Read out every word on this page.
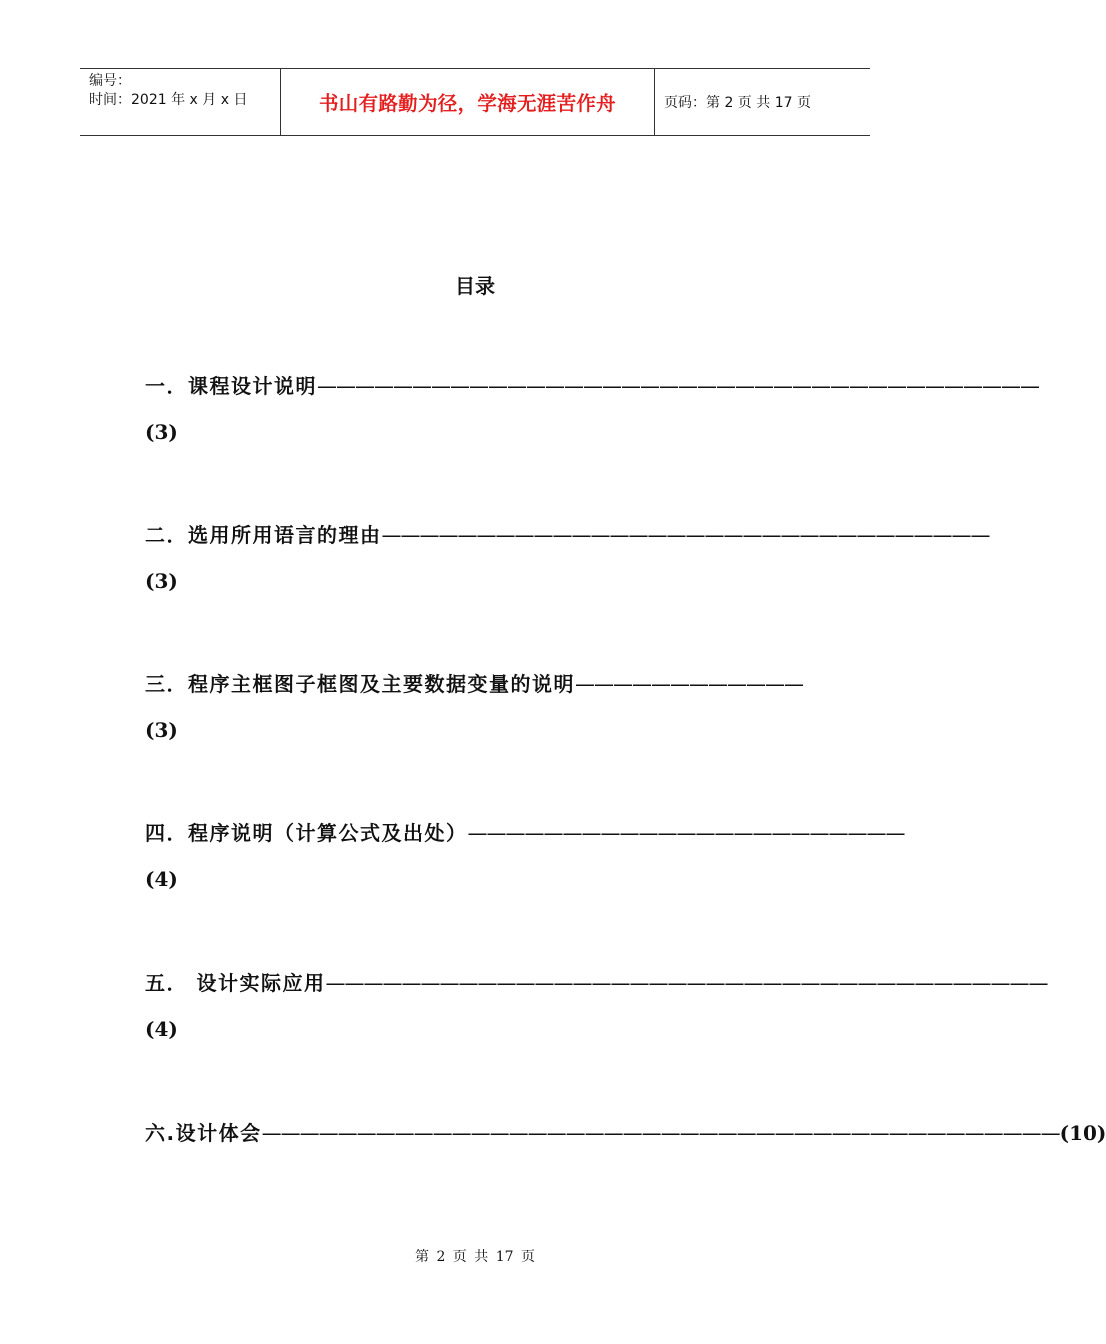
编号：
时间：2021 年 x 月 x 日	书山有路勤为径，学海无涯苦作舟	页码：第 2 页 共 17 页
目录
一．课程设计说明 ——————————————————————————————————————
(3)
二．选用所用语言的理由 ————————————————————————————————
(3)
三．程序主框图子框图及主要数据变量的说明 ————————————
(3)
四．程序说明（计算公式及出处） ———————————————————————
(4)
五． 设计实际应用 ——————————————————————————————————————
(4)
六.设计体会 —————————————————————————————————————————— (10)
第 2 页 共 17 页
